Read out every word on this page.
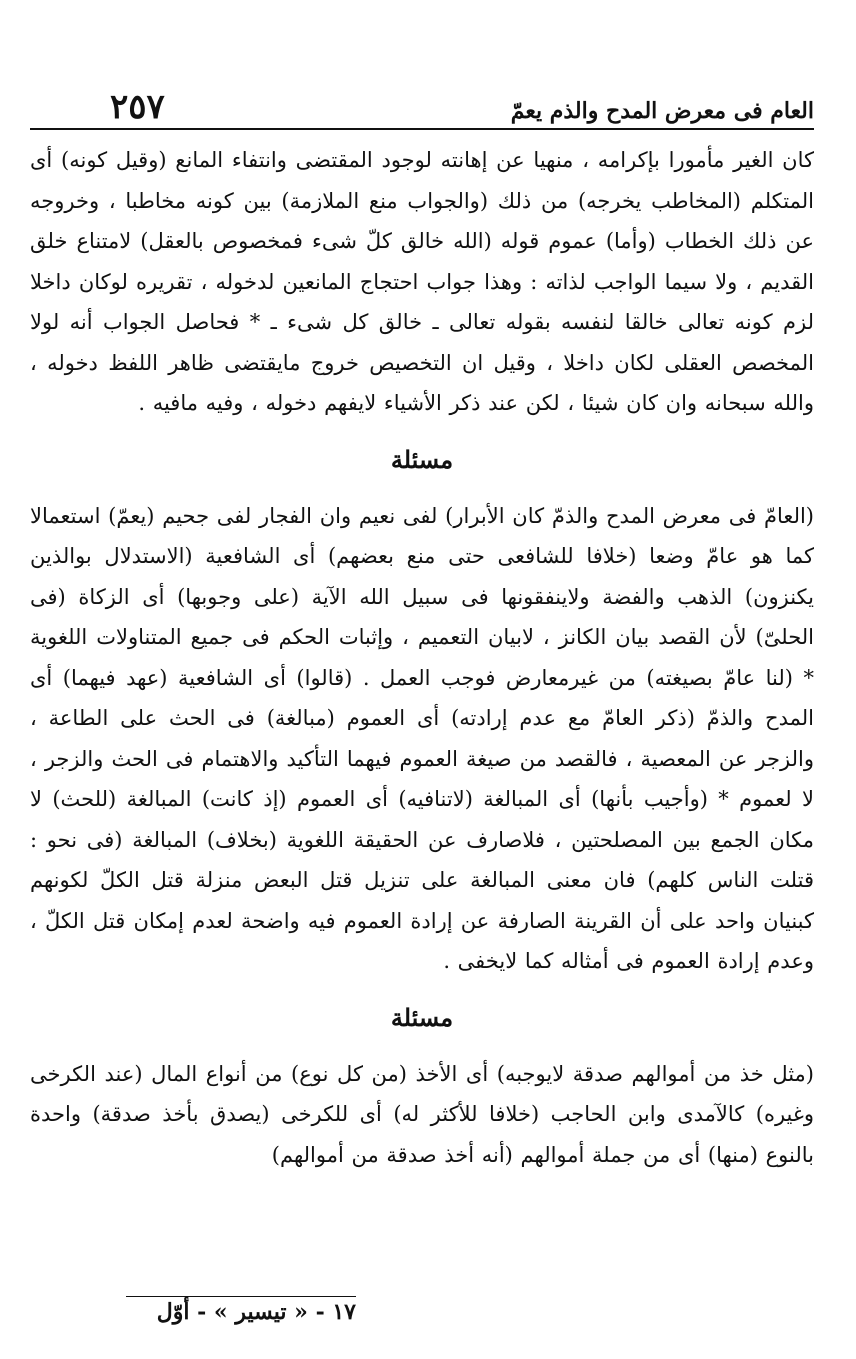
العام فى معرض المدح والذم يعمّ
٢٥٧

كان الغير مأمورا بإكرامه ، منهيا عن إهانته لوجود المقتضى وانتفاء المانع (وقيل كونه) أى المتكلم (المخاطب يخرجه) من ذلك (والجواب منع الملازمة) بين كونه مخاطبا ، وخروجه عن ذلك الخطاب (وأما) عموم قوله (الله خالق كلّ شىء فمخصوص بالعقل) لامتناع خلق القديم ، ولا سيما الواجب لذاته : وهذا جواب احتجاج المانعين لدخوله ، تقريره لوكان داخلا لزم كونه تعالى خالقا لنفسه بقوله تعالى ـ خالق كل شىء ـ * فحاصل الجواب أنه لولا المخصص العقلى لكان داخلا ، وقيل ان التخصيص خروج مايقتضى ظاهر اللفظ دخوله ، والله سبحانه وان كان شيئا ، لكن عند ذكر الأشياء لايفهم دخوله ، وفيه مافيه .

مسئلة

(العامّ فى معرض المدح والذمّ كان الأبرار) لفى نعيم وان الفجار لفى جحيم (يعمّ) استعمالا كما هو عامّ وضعا (خلافا للشافعى حتى منع بعضهم) أى الشافعية (الاستدلال بوالذين يكنزون) الذهب والفضة ولاينفقونها فى سبيل الله الآية (على وجوبها) أى الزكاة (فى الحلىّ) لأن القصد بيان الكانز ، لابيان التعميم ، وإثبات الحكم فى جميع المتناولات اللغوية * (لنا عامّ بصيغته) من غيرمعارض فوجب العمل . (قالوا) أى الشافعية (عهد فيهما) أى المدح والذمّ (ذكر العامّ مع عدم إرادته) أى العموم (مبالغة) فى الحث على الطاعة ، والزجر عن المعصية ، فالقصد من صيغة العموم فيهما التأكيد والاهتمام فى الحث والزجر ، لا لعموم * (وأجيب بأنها) أى المبالغة (لاتنافيه) أى العموم (إذ كانت) المبالغة (للحث) لا مكان الجمع بين المصلحتين ، فلاصارف عن الحقيقة اللغوية (بخلاف) المبالغة (فى نحو : قتلت الناس كلهم) فان معنى المبالغة على تنزيل قتل البعض منزلة قتل الكلّ لكونهم كبنيان واحد على أن القرينة الصارفة عن إرادة العموم فيه واضحة لعدم إمكان قتل الكلّ ، وعدم إرادة العموم فى أمثاله كما لايخفى .

مسئلة

(مثل خذ من أموالهم صدقة لايوجبه) أى الأخذ (من كل نوع) من أنواع المال (عند الكرخى وغيره) كالآمدى وابن الحاجب (خلافا للأكثر له) أى للكرخى (يصدق بأخذ صدقة) واحدة بالنوع (منها) أى من جملة أموالهم (أنه أخذ صدقة من أموالهم)

١٧ - « تيسير » - أوّل
